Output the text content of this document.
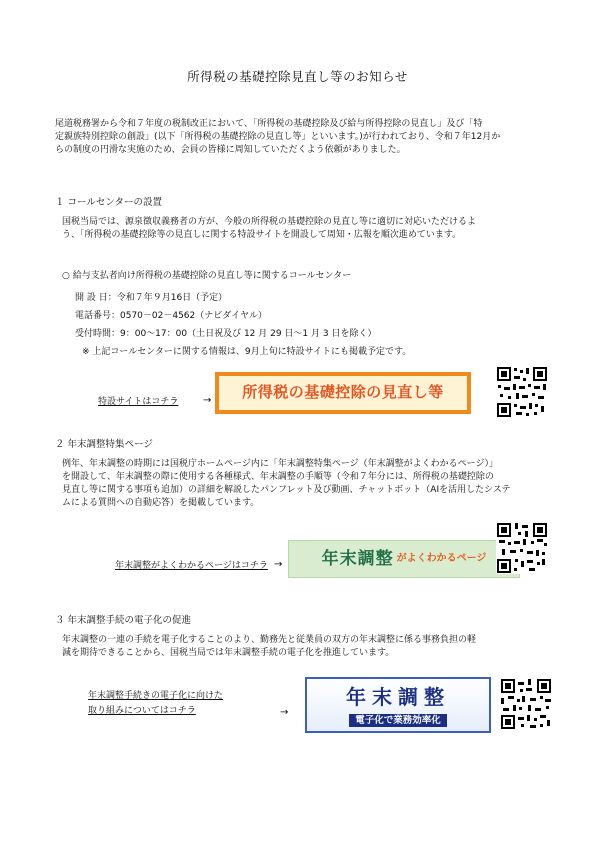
所得税の基礎控除見直し等のお知らせ
尾道税務署から令和７年度の税制改正において、「所得税の基礎控除及び給与所得控除の見直し」及び「特
定親族特別控除の創設」(以下「所得税の基礎控除の見直し等」といいます。)が行われており、令和７年12月か
らの制度の円滑な実施のため、会員の皆様に周知していただくよう依頼がありました。
１ コールセンターの設置
国税当局では、源泉徴収義務者の方が、今般の所得税の基礎控除の見直し等に適切に対応いただけるよ
う、「所得税の基礎控除等の見直しに関する特設サイトを開設して周知・広報を順次進めています。
○ 給与支払者向け所得税の基礎控除の見直し等に関するコールセンター
開 設 日：令和７年９月16日（予定）
電話番号：0570－02－4562（ナビダイヤル）
受付時間：9：00～17：00（土日祝及び 12 月 29 日～1 月 3 日を除く）
※ 上記コールセンターに関する情報は、9月上旬に特設サイトにも掲載予定です。
特設サイトはコチラ →	所得税の基礎控除の見直し等
２ 年末調整特集ページ
例年、年末調整の時期には国税庁ホームページ内に「年末調整特集ページ（年末調整がよくわかるページ）」
を開設して、年末調整の際に使用する各種様式、年末調整の手順等（令和７年分には、所得税の基礎控除の
見直し等に関する事項も追加）の詳細を解説したパンフレット及び動画、チャットボット（AIを活用したシステ
ムによる質問への自動応答）を掲載しています。
年末調整がよくわかるページはコチラ → 年末調整 がよくわかるページ
３ 年末調整手続の電子化の促進
年末調整の一連の手続を電子化することのより、勤務先と従業員の双方の年末調整に係る事務負担の軽
減を期待できることから、国税当局では年末調整手続の電子化を推進しています。
年末調整手続きの電子化に向けた
取り組みについてはコチラ	→
年末調整
電子化で業務効率化
